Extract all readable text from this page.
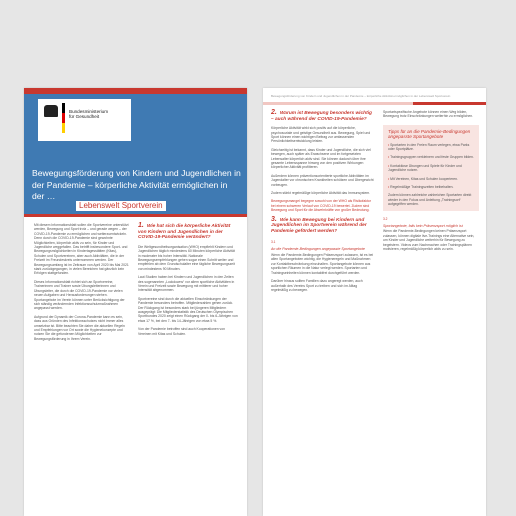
Bundesministerium
für Gesundheit
Bewegungsförderung von Kindern und Jugendlichen in der Pandemie – körperliche Aktivität ermöglichen in der …
Lebenswelt Sportverein

Mit diesem Informationsblatt sollen die Sportvereine unterstützt werden, Bewegung und Sport trotz – und gerade wegen – der COVID-19-Pandemie zu ermöglichen und weiterzuentwickeln. Denn durch die COVID-19-Pandemie sind gewohnte Möglichkeiten, körperlich aktiv zu sein, für Kinder und Jugendliche weggefallen. Das betrifft insbesondere Sport- und Bewegungsmöglichkeiten in Kindertagesstätten (Kitas), Schulen und Sportvereinen, aber auch Aktivitäten, die in der Freizeit im Freundeskreis unternommen werden. Der Bewegungsumfang ist im Zeitraum von April 2020 bis Mai 2021 stark zurückgegangen, in vielen Bereichen hat gänzlich kein Erfolgen stattgefunden.

Dieses Informationsblatt richtet sich an Sportvereine, Trainerinnen und Trainer sowie Übungsleiterinnen und Übungsleiter, die durch die COVID-19-Pandemie vor vielen neuen Aufgaben und Herausforderungen stehen. Sportangebote im Verein können unter Berücksichtigung der sich ständig verändernden Infektionsschutzmaßnahmen angepasst werden.

Aufgrund der Dynamik der Corona-Pandemie kann es sein, dass aus Gründen des Infektionsschutzes nicht immer alles umsetzbar ist. Bitte beachten Sie daher die aktuellen Regeln und Empfehlungen vor Ort sowie die Hygienekonzepte und nutzen Sie die gefundenen Möglichkeiten zur Bewegungsförderung in Ihrem Verein.

1. Wie hat sich die körperliche Aktivität von Kindern und Jugendlichen in der COVID-19-Pandemie verändert?

Die Weltgesundheitsorganisation (WHO) empfiehlt Kindern und Jugendlichen täglich mindestens 60 Minuten körperliche Aktivität in moderater bis hoher Intensität. Nationale Bewegungsempfehlungen gehen sogar einen Schritt weiter und empfehlen ab dem Grundschulalter eine tägliche Bewegungszeit von mindestens 90 Minuten.

Laut Studien haben bei Kindern und Jugendlichen in den Zeiten des sogenannten „Lockdowns“ vor allem sportliche Aktivitäten in Verein und Freizeit sowie Bewegung mit mittlerer und hoher Intensität abgenommen.

Sportvereine sind durch die aktuellen Einschränkungen der Pandemie besonders betroffen. Mitgliederzahlen gehen zurück. Der Rückgang ist besonders stark bei jüngeren Mitgliedern ausgeprägt: Die Mitgliederstatistik des Deutschen Olympischen Sportbundes 2020 zeigt einen Rückgang der 0- bis 6-Jährigen von etwa 17 %, bei den 7- bis 14-Jährigen von etwa 5 %.

Von der Pandemie betroffen sind auch Kooperationen von Vereinen mit Kitas und Schulen.

Bewegungsförderung von Kindern und Jugendlichen in der Pandemie – körperliche Aktivität ermöglichen in der Lebenswelt Sportverein

2. Warum ist Bewegung besonders wichtig – auch während der COVID-19-Pandemie?

Körperliche Aktivität wirkt sich positiv auf die körperliche, psychosoziale und geistige Gesundheit aus. Bewegung, Spiel und Sport können einen wichtigen Beitrag zur umfassenden Persönlichkeitsentwicklung leisten.

Gleichzeitig ist bekannt, dass Kinder und Jugendliche, die sich viel bewegen, auch später als Erwachsene und im fortgesetzten Lebensalter körperlich aktiv sind. Sie können dadurch über ihre gesamte Lebensspanne hinweg von den positiven Wirkungen körperlicher Aktivität profitieren.

Außerdem können präventionsorientierte sportliche Aktivitäten im Jugendalter vor chronischen Krankheiten schützen und Übergewicht vorbeugen.

Zudem stärkt regelmäßige körperliche Aktivität das Immunsystem.

Bewegungsmangel begegne sowohl von der WHO als Risikofaktor bei einem schweren Verlauf von COVID-19 bewertet. Zudem sind Bewegung und Sport für die Abwehrkräfte von großer Bedeutung.

3. Wie kann Bewegung bei Kindern und Jugendlichen im Sportverein während der Pandemie gefördert werden?

3.1

An die Pandemie-Bedingungen angepasste Sportangebote

Wenn die Pandemie-Bedingungen Präsenzsport zulassen, ist es bei allen Sportangeboten wichtig, die Hygieneregeln und Maßnahmen zur Kontaktbeschränkung einzuhalten. Sportangebote können aus sportlichen Räumen in die Natur verlegt werden. Sportarten und Trainingseinheiten können kontaktfrei durchgeführt werden.

Darüber hinaus sollten Familien dazu angeregt werden, auch außerhalb des Vereins Sport zu treiben und sich im Alltag regelmäßig zu bewegen.

Sportartspezifische Angebote können einen Weg bilden, Bewegung trotz Einschränkungen weiterhin zu ermöglichen.

Tipps für an die Pandemie-Bedingungen angepasste Sportangebote

• Sportarten in den Freien Raum verlegen, etwa Parks oder Sportplätze.

• Trainingsgruppen verkleinern und feste Gruppen bilden.

• Kontaktlose Übungen und Spiele für Kinder und Jugendliche nutzen.

• Mit Vereinen, Kitas und Schulen kooperieren.

• Regelmäßige Trainingszeiten beibehalten.

Zudem können zahlreiche zahlreichen Sportarten direkt wieder in den Fokus und Anleitung „Trainingsort“ aufgegriffen werden.

3.2

Sportangebote, falls kein Präsenzsport möglich ist

Wenn die Pandemie-Bedingungen keinen Präsenzsport zulassen, können digitale live-Trainings eine Alternative sein, um Kinder und Jugendliche weiterhin für Bewegung zu begeistern. Videos zum Nachmachen oder Trainingsplänen motivieren, regelmäßig körperlich aktiv zu sein.
